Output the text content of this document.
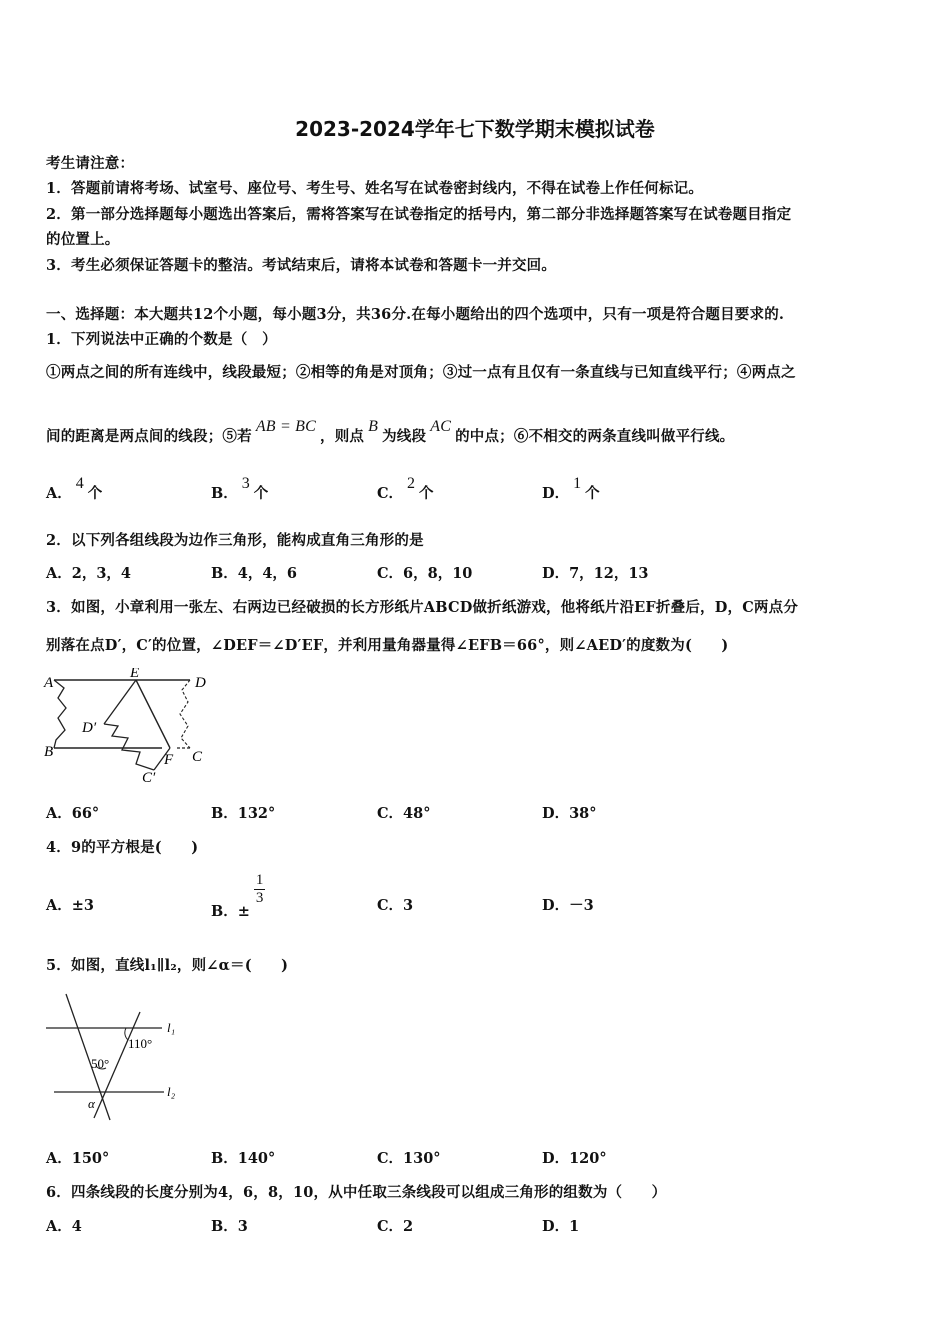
2023-2024学年七下数学期末模拟试卷
考生请注意：
1．答题前请将考场、试室号、座位号、考生号、姓名写在试卷密封线内，不得在试卷上作任何标记。
2．第一部分选择题每小题选出答案后，需将答案写在试卷指定的括号内，第二部分非选择题答案写在试卷题目指定
的位置上。
3．考生必须保证答题卡的整洁。考试结束后，请将本试卷和答题卡一并交回。
一、选择题：本大题共12个小题，每小题3分，共36分.在每小题给出的四个选项中，只有一项是符合题目要求的.
1．下列说法中正确的个数是（　）
①两点之间的所有连线中，线段最短；②相等的角是对顶角；③过一点有且仅有一条直线与已知直线平行；④两点之
间的距离是两点间的线段；⑤若AB = BC，则点B为线段AC的中点；⑥不相交的两条直线叫做平行线。
A．4个	B．3个	C．2个	D．1个
2．以下列各组线段为边作三角形，能构成直角三角形的是
A．2，3，4	B．4，4，6	C．6，8，10	D．7，12，13
3．如图，小章利用一张左、右两边已经破损的长方形纸片ABCD做折纸游戏，他将纸片沿EF折叠后，D，C两点分
别落在点D′，C′的位置，∠DEF＝∠D′EF，并利用量角器量得∠EFB＝66°，则∠AED′的度数为(　　)
A
B
D
C
E
F
D′
C′
A．66°	B．132°	C．48°	D．38°
4．9的平方根是(　　)
A．±3	B．±
$\frac{1}{3}$	C．3	D．－3
5．如图，直线l₁∥l₂，则∠α＝(　　)
l₁
l₂
110°
50°
α
A．150°	B．140°	C．130°	D．120°
6．四条线段的长度分别为4，6，8，10，从中任取三条线段可以组成三角形的组数为（　　）
A．4	B．3	C．2	D．1
